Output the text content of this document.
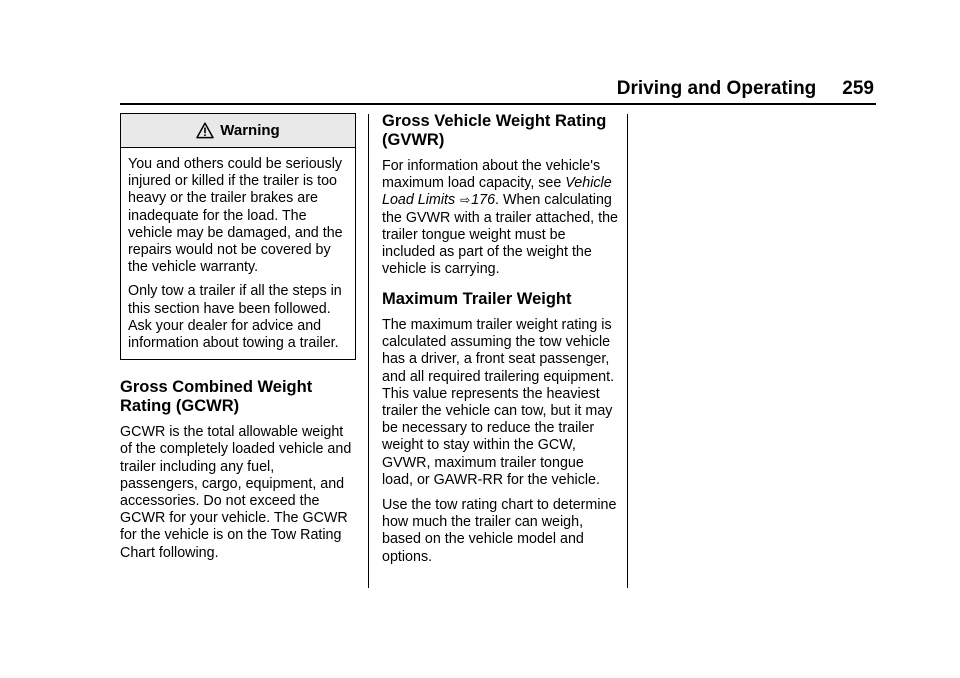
Driving and Operating 259
Warning

You and others could be seriously injured or killed if the trailer is too heavy or the trailer brakes are inadequate for the load. The vehicle may be damaged, and the repairs would not be covered by the vehicle warranty.

Only tow a trailer if all the steps in this section have been followed. Ask your dealer for advice and information about towing a trailer.

Gross Combined Weight Rating (GCWR)

GCWR is the total allowable weight of the completely loaded vehicle and trailer including any fuel, passengers, cargo, equipment, and accessories. Do not exceed the GCWR for your vehicle. The GCWR for the vehicle is on the Tow Rating Chart following.

Gross Vehicle Weight Rating (GVWR)

For information about the vehicle's maximum load capacity, see Vehicle Load Limits ⇨176. When calculating the GVWR with a trailer attached, the trailer tongue weight must be included as part of the weight the vehicle is carrying.

Maximum Trailer Weight

The maximum trailer weight rating is calculated assuming the tow vehicle has a driver, a front seat passenger, and all required trailering equipment. This value represents the heaviest trailer the vehicle can tow, but it may be necessary to reduce the trailer weight to stay within the GCW, GVWR, maximum trailer tongue load, or GAWR-RR for the vehicle.

Use the tow rating chart to determine how much the trailer can weigh, based on the vehicle model and options.
